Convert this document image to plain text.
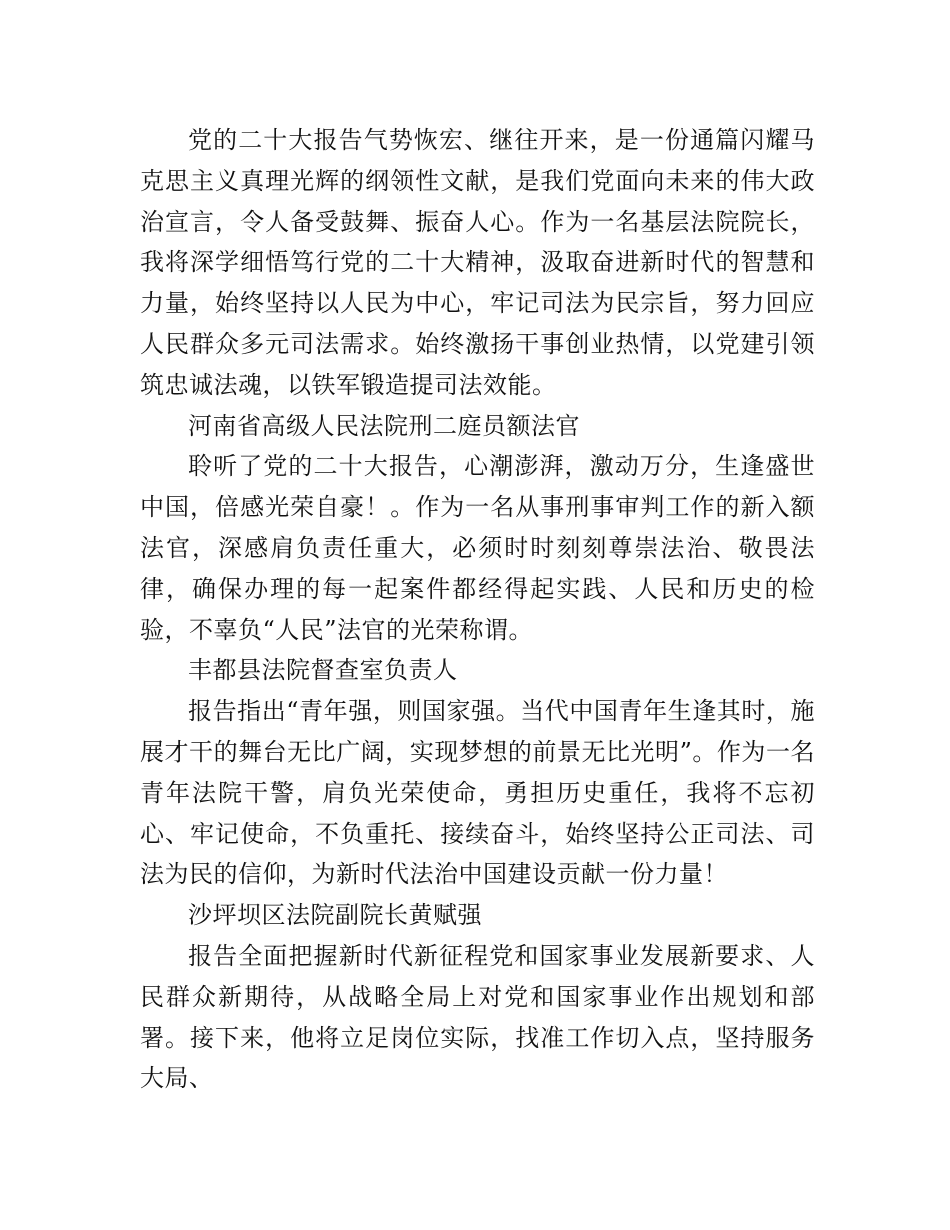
党的二十大报告气势恢宏、继往开来，是一份通篇闪耀马克思主义真理光辉的纲领性文献，是我们党面向未来的伟大政治宣言，令人备受鼓舞、振奋人心。作为一名基层法院院长，我将深学细悟笃行党的二十大精神，汲取奋进新时代的智慧和力量，始终坚持以人民为中心，牢记司法为民宗旨，努力回应人民群众多元司法需求。始终激扬干事创业热情，以党建引领筑忠诚法魂，以铁军锻造提司法效能。

河南省高级人民法院刑二庭员额法官

聆听了党的二十大报告，心潮澎湃，激动万分，生逢盛世中国，倍感光荣自豪！。作为一名从事刑事审判工作的新入额法官，深感肩负责任重大，必须时时刻刻尊崇法治、敬畏法律，确保办理的每一起案件都经得起实践、人民和历史的检验，不辜负“人民”法官的光荣称谓。

丰都县法院督查室负责人

报告指出“青年强，则国家强。当代中国青年生逢其时，施展才干的舞台无比广阔，实现梦想的前景无比光明”。作为一名青年法院干警，肩负光荣使命，勇担历史重任，我将不忘初心、牢记使命，不负重托、接续奋斗，始终坚持公正司法、司法为民的信仰，为新时代法治中国建设贡献一份力量！

沙坪坝区法院副院长黄赋强

报告全面把握新时代新征程党和国家事业发展新要求、人民群众新期待，从战略全局上对党和国家事业作出规划和部署。接下来，他将立足岗位实际，找准工作切入点，坚持服务大局、
